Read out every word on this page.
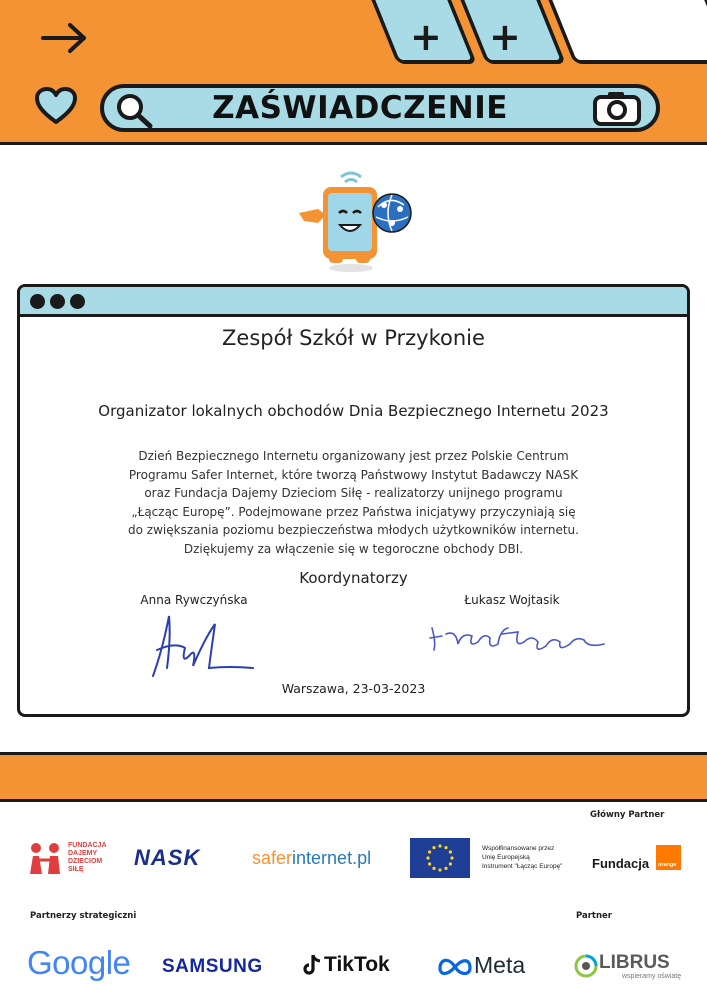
+ +
ZAŚWIADCZENIE
Zespół Szkół w Przykonie
Organizator lokalnych obchodów Dnia Bezpiecznego Internetu 2023
Dzień Bezpiecznego Internetu organizowany jest przez Polskie Centrum
Programu Safer Internet, które tworzą Państwowy Instytut Badawczy NASK
oraz Fundacja Dajemy Dzieciom Siłę - realizatorzy unijnego programu
„Łącząc Europę”. Podejmowane przez Państwa inicjatywy przyczyniają się
do zwiększania poziomu bezpieczeństwa młodych użytkowników internetu.
Dziękujemy za włączenie się w tegoroczne obchody DBI.
Koordynatorzy
Anna Rywczyńska	Łukasz Wojtasik
Warszawa, 23-03-2023
Główny Partner
FUNDACJA
DAJEMY
DZIECIOM
SIŁĘ	NASK	saferinternet.pl	Współfinansowane przez
Unię Europejską
Instrument "Łącząc Europę" Fundacja orange
Partnerzy strategiczni	Partner
Google SAMSUNG	TikTok	Meta	LIBRUS
wspieramy oświatę
